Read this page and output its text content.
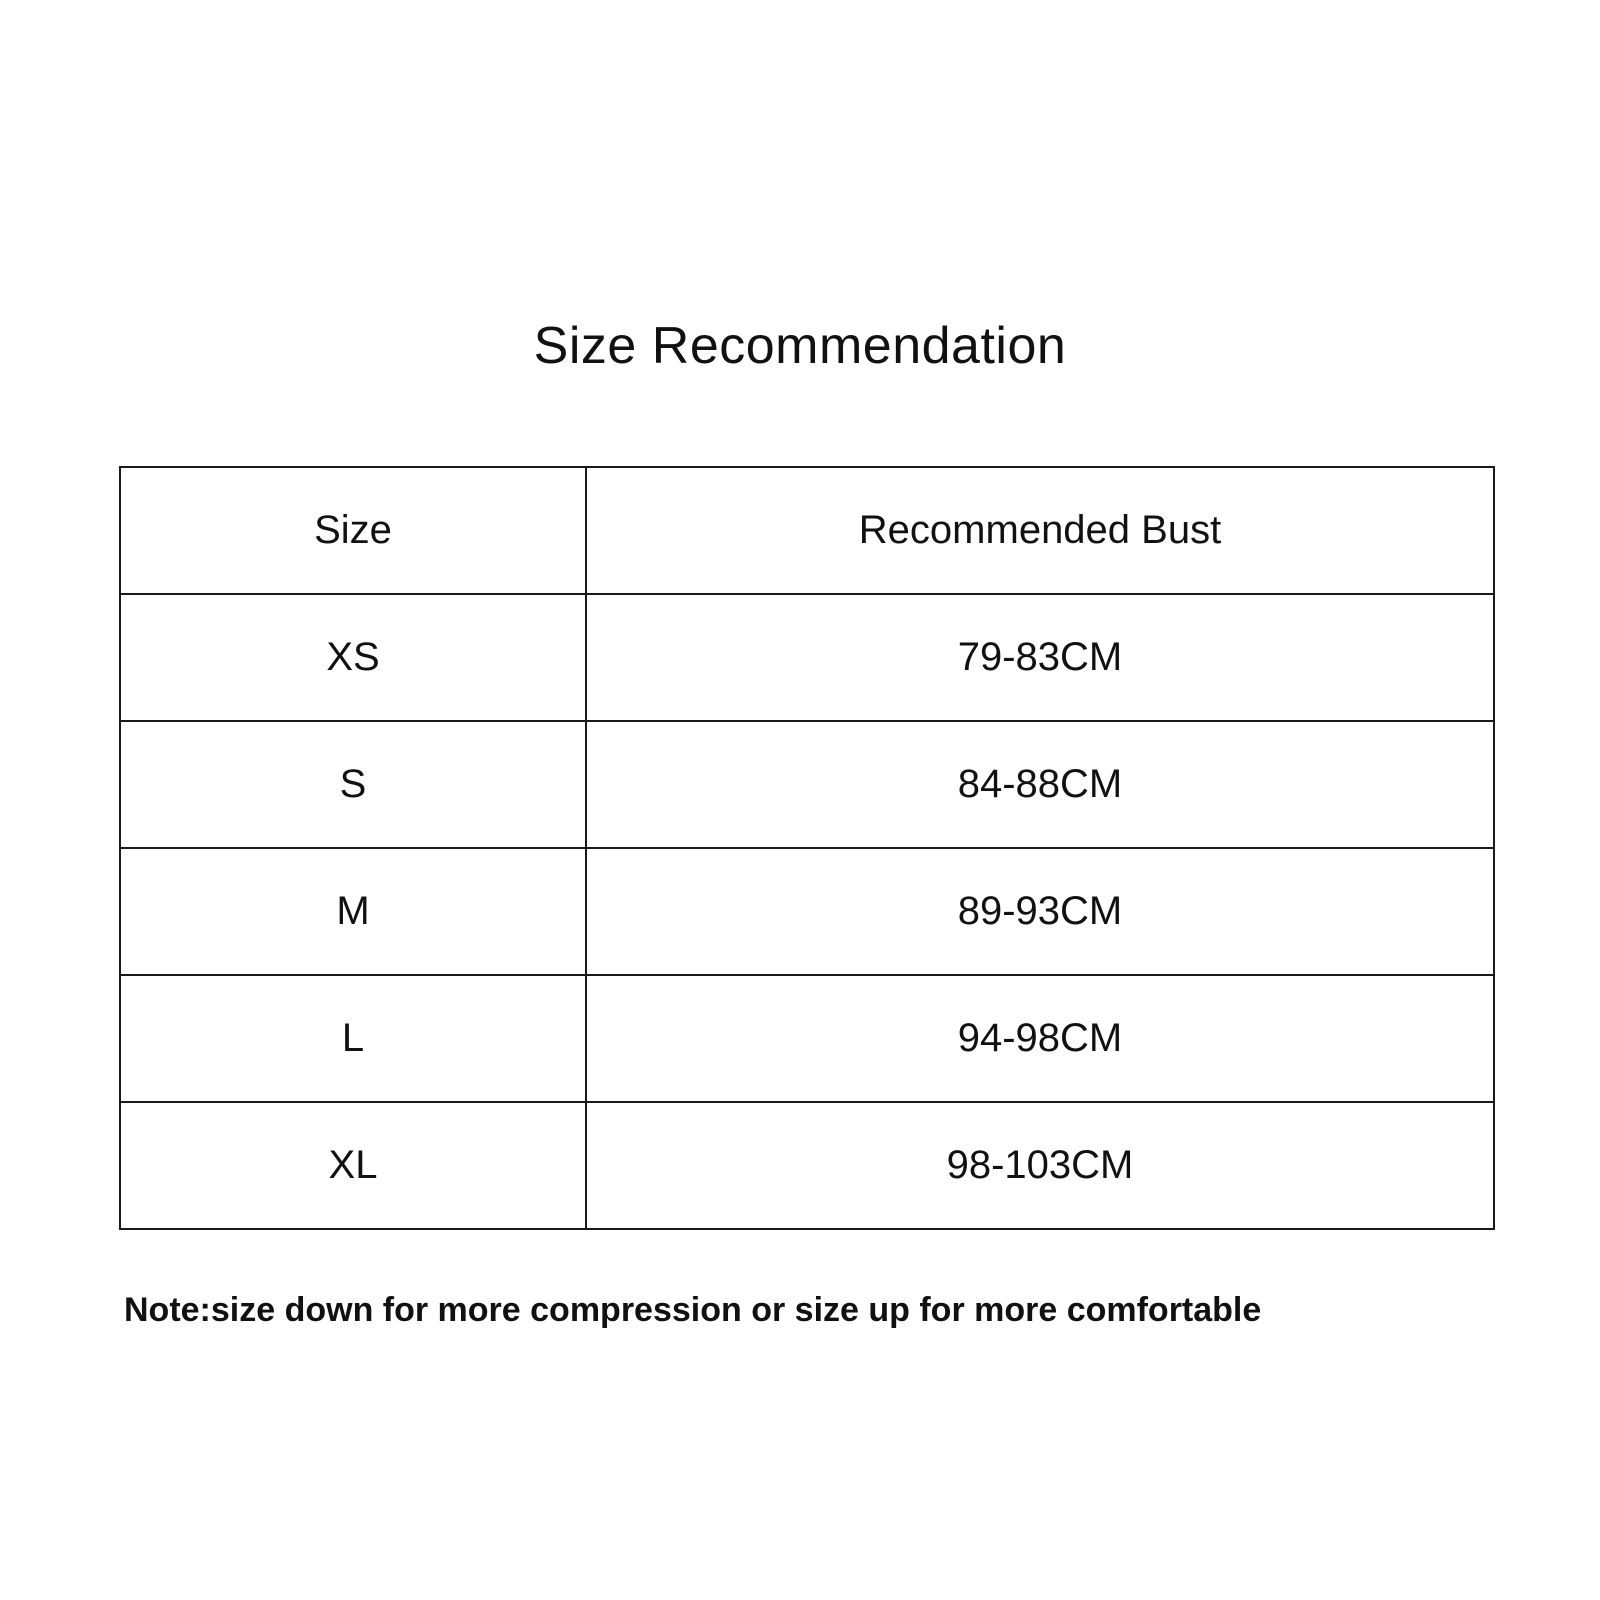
Size Recommendation
Size	Recommended Bust
XS	79-83CM
S	84-88CM
M	89-93CM
L	94-98CM
XL	98-103CM
Note:size down for more compression or size up for more comfortable
